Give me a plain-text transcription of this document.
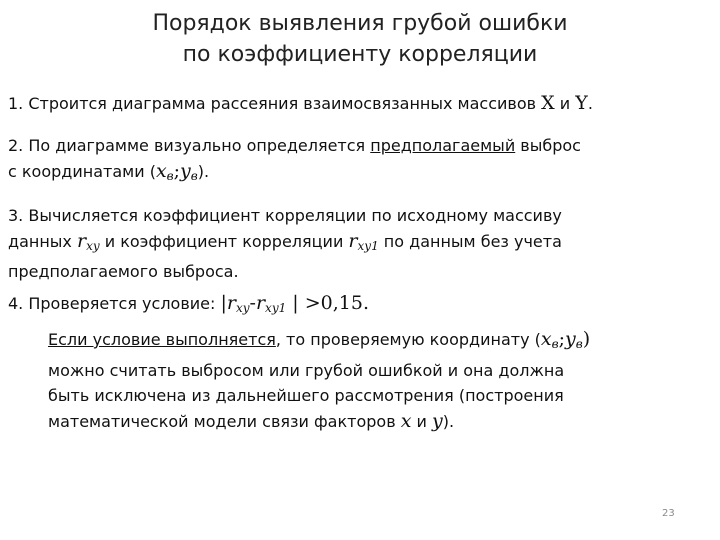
Порядок выявления грубой ошибки
по коэффициенту корреляции
1. Строится диаграмма рассеяния взаимосвязанных массивов X и Y.
2. По диаграмме визуально определяется предполагаемый выброс
с координатами $(x_в;y_в)$.
3. Вычисляется коэффициент корреляции по исходному массиву
данных $r_{xy}$ и коэффициент корреляции $r_{xy1}$ по данным без учета
предполагаемого выброса.
4. Проверяется условие: $|r_{xy}-r_{xy1}$ | >0,15.
Если условие выполняется, то проверяемую координату $(x_в;y_в)$
можно считать выбросом или грубой ошибкой и она должна
быть исключена из дальнейшего рассмотрения (построения
математической модели связи факторов x и y).
23
